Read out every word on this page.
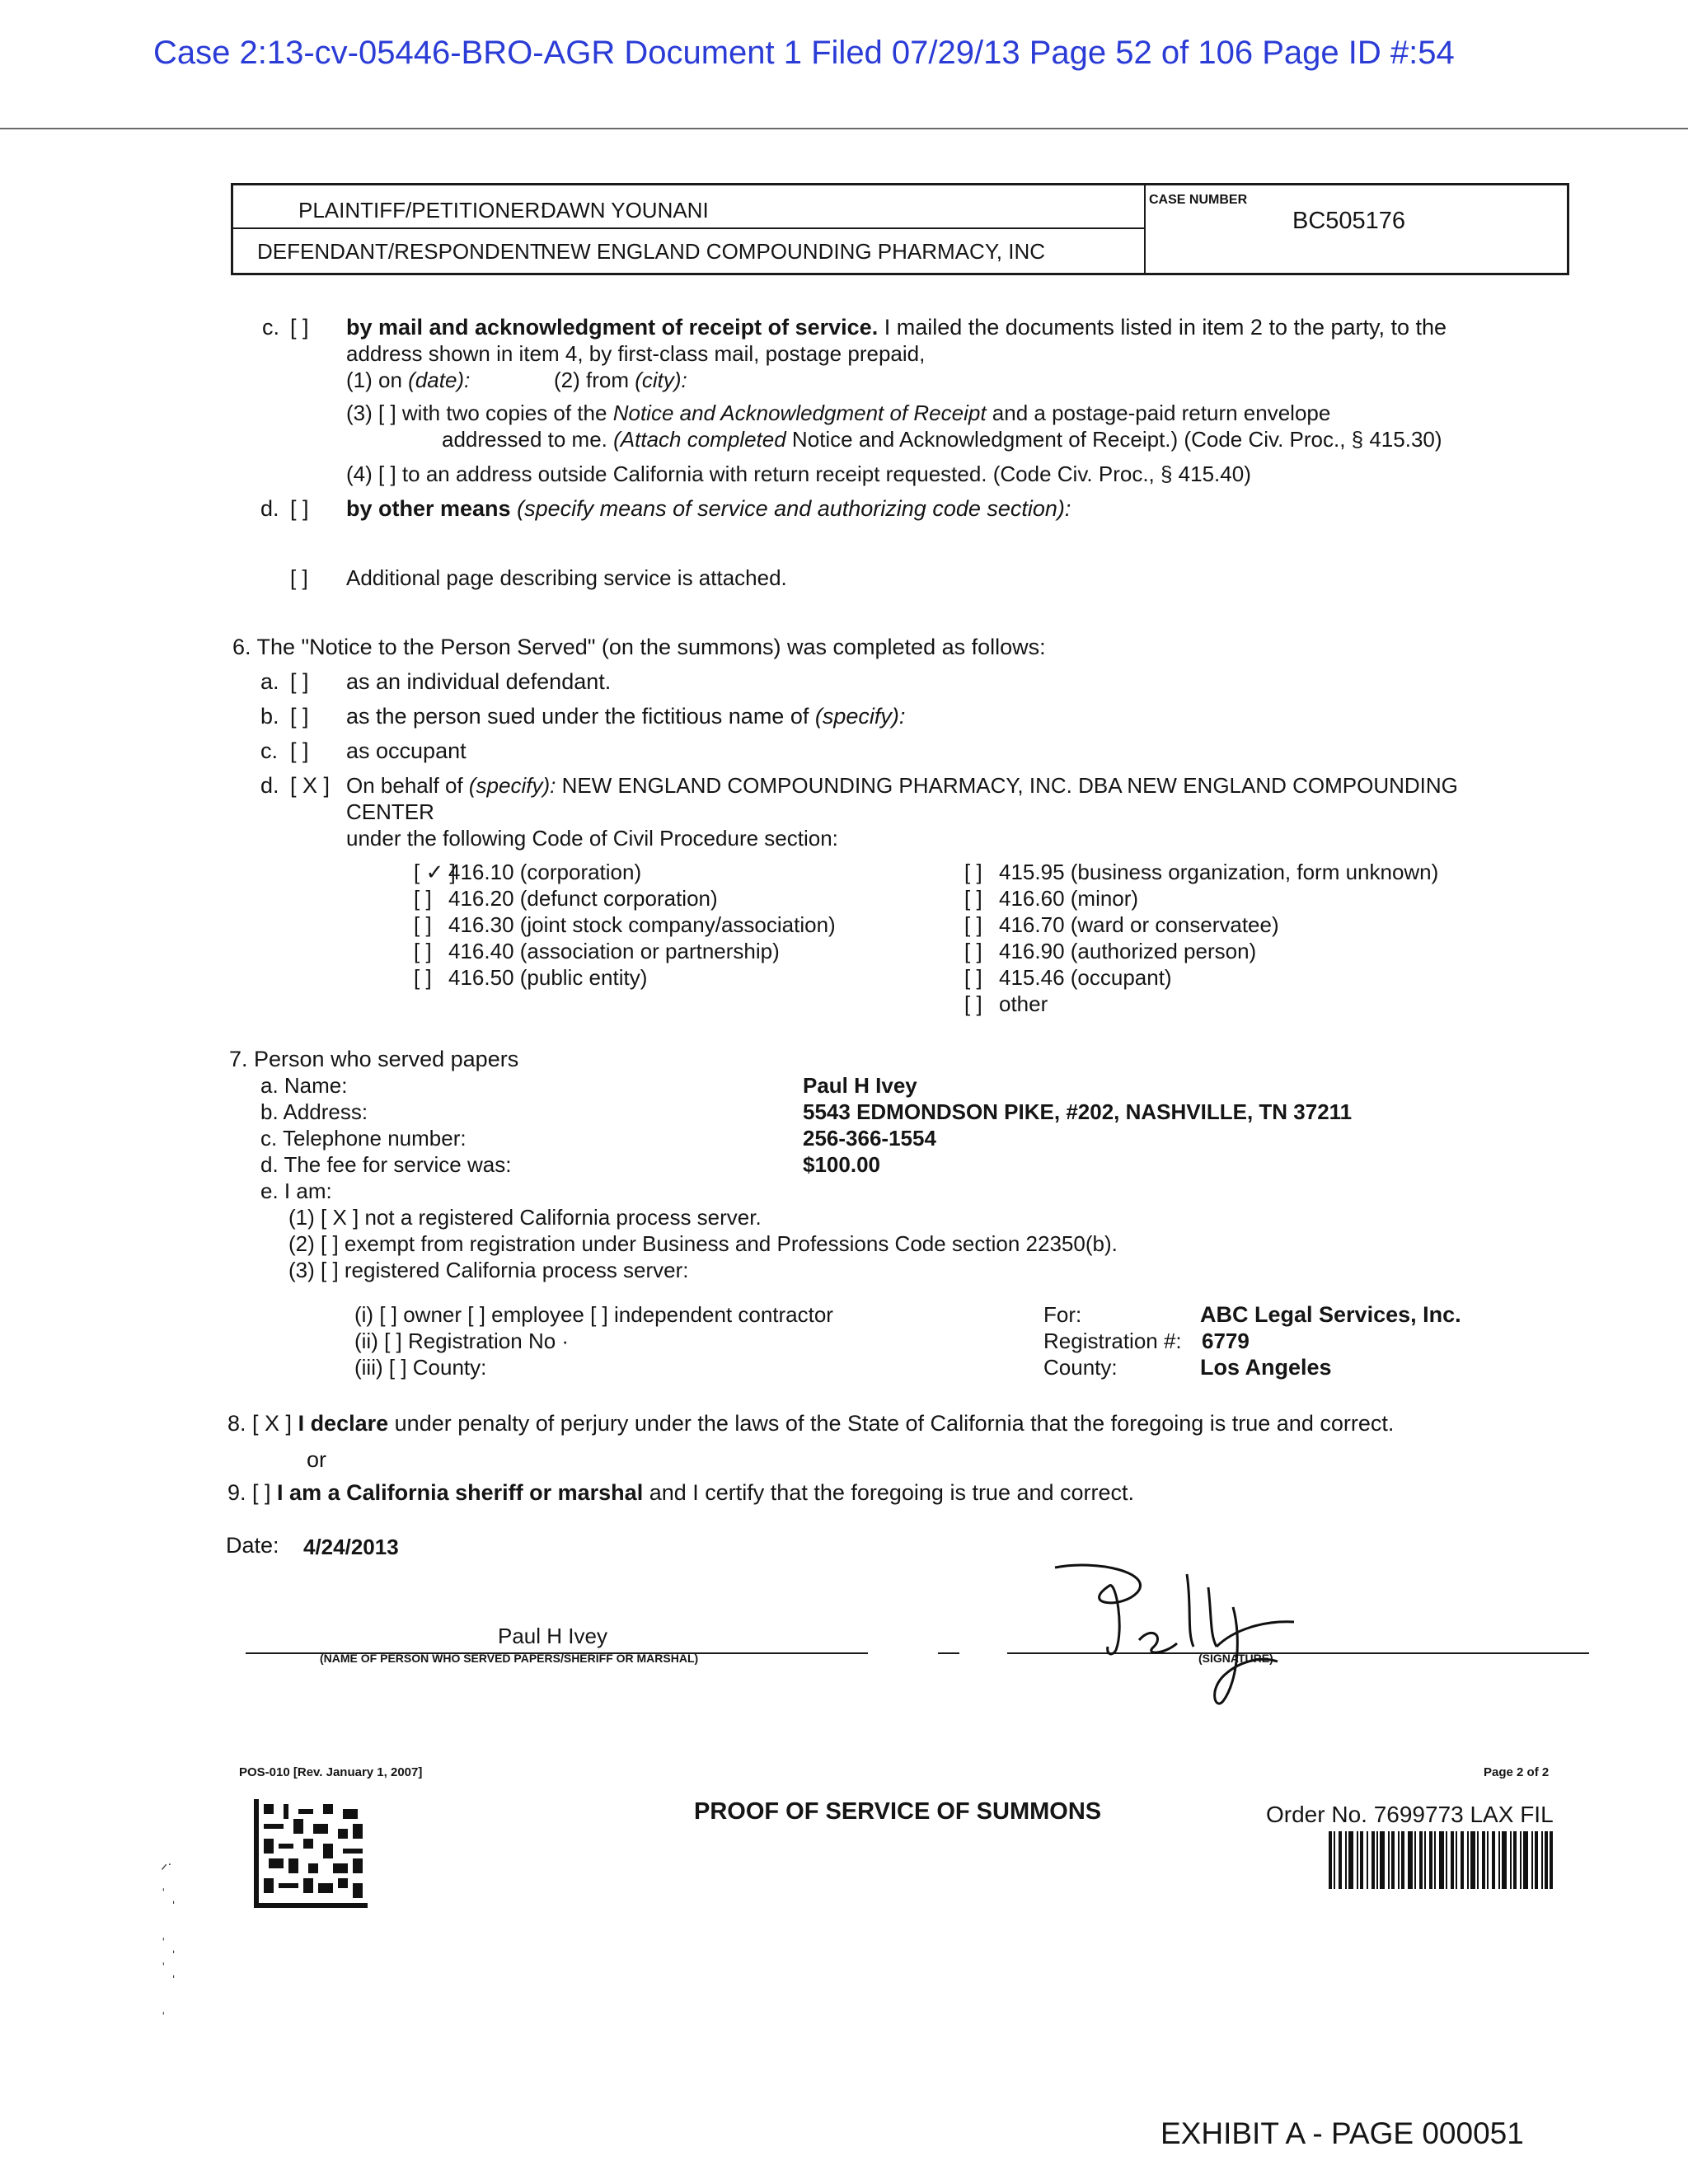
Case 2:13-cv-05446-BRO-AGR Document 1 Filed 07/29/13 Page 52 of 106 Page ID #:54
PLAINTIFF/PETITIONER:
DAWN YOUNANI
DEFENDANT/RESPONDENT
NEW ENGLAND COMPOUNDING PHARMACY, INC
CASE NUMBER
BC505176
c. [ ] by mail and acknowledgment of receipt of service. I mailed the documents listed in item 2 to the party, to the
address shown in item 4, by first-class mail, postage prepaid,
(1) on (date):	(2) from (city):
(3) [ ] with two copies of the Notice and Acknowledgment of Receipt and a postage-paid return envelope
addressed to me. (Attach completed Notice and Acknowledgment of Receipt.) (Code Civ. Proc., § 415.30)
(4) [ ] to an address outside California with return receipt requested. (Code Civ. Proc., § 415.40)
d. [ ] by other means (specify means of service and authorizing code section):
[ ] Additional page describing service is attached.
6. The "Notice to the Person Served" (on the summons) was completed as follows:
a. [ ] as an individual defendant.
b. [ ] as the person sued under the fictitious name of (specify):
c. [ ] as occupant
d. [ X ] On behalf of (specify): NEW ENGLAND COMPOUNDING PHARMACY, INC. DBA NEW ENGLAND COMPOUNDING
CENTER
under the following Code of Civil Procedure section:
[ ✓ ]416.10 (corporation)
[ ] 416.20 (defunct corporation)
[ ] 416.30 (joint stock company/association)
[ ] 416.40 (association or partnership)
[ ] 416.50 (public entity)
[ ] 415.95 (business organization, form unknown)
[ ] 416.60 (minor)
[ ] 416.70 (ward or conservatee)
[ ] 416.90 (authorized person)
[ ] 415.46 (occupant)
[ ] other
7. Person who served papers
a. Name:	Paul H Ivey
b. Address:	5543 EDMONDSON PIKE, #202, NASHVILLE, TN 37211
c. Telephone number:	256-366-1554
d. The fee for service was:	$100.00
e. I am:
(1) [ X ] not a registered California process server.
(2) [ ] exempt from registration under Business and Professions Code section 22350(b).
(3) [ ] registered California process server:
(i) [ ] owner [ ] employee [ ] independent contractor
(ii) [ ] Registration No ·
(iii) [ ] County:
For:	ABC Legal Services, Inc.
Registration #: 6779
County:	Los Angeles
8. [ X ] I declare under penalty of perjury under the laws of the State of California that the foregoing is true and correct.
or
9. [ ] I am a California sheriff or marshal and I certify that the foregoing is true and correct.
Date: 4/24/2013
Paul H Ivey
(NAME OF PERSON WHO SERVED PAPERS/SHERIFF OR MARSHAL)	(SIGNATURE)
POS-010 [Rev. January 1, 2007]	Page 2 of 2
PROOF OF SERVICE OF SUMMONS	Order No. 7699773 LAX FIL
ᐟ˙
ˈ ˌ

ˈ ˌ
ˈ ˌ

ˈ

EXHIBIT A - PAGE 000051
